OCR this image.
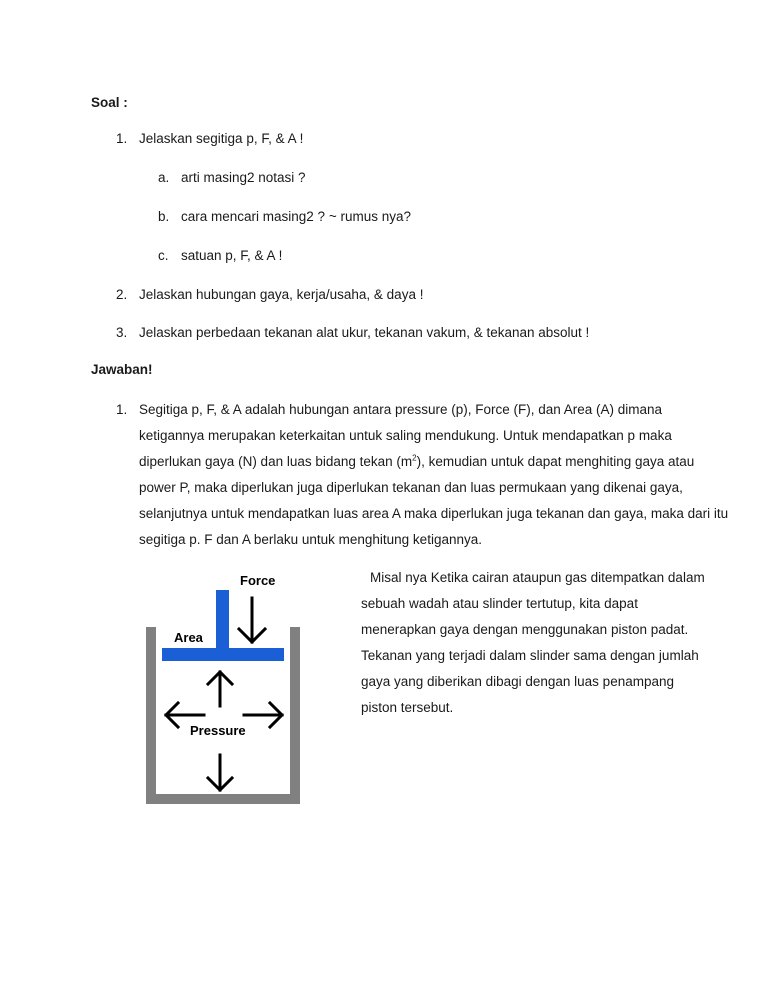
Soal :
1. Jelaskan segitiga p, F, & A !
a. arti masing2 notasi ?
b. cara mencari masing2 ? ~ rumus nya?
c. satuan p, F, & A !
2. Jelaskan hubungan gaya, kerja/usaha, & daya !
3. Jelaskan perbedaan tekanan alat ukur, tekanan vakum, & tekanan absolut !
Jawaban!
1. Segitiga p, F, & A adalah hubungan antara pressure (p), Force (F), dan Area (A) dimana
ketigannya merupakan keterkaitan untuk saling mendukung. Untuk mendapatkan p maka
diperlukan gaya (N) dan luas bidang tekan $(m^2)$, kemudian untuk dapat menghiting gaya atau
power P, maka diperlukan juga diperlukan tekanan dan luas permukaan yang dikenai gaya,
selanjutnya untuk mendapatkan luas area A maka diperlukan juga tekanan dan gaya, maka dari itu
segitiga p. F dan A berlaku untuk menghitung ketigannya.
Misal nya Ketika cairan ataupun gas ditempatkan dalam
sebuah wadah atau slinder tertutup, kita dapat
menerapkan gaya dengan menggunakan piston padat.
Tekanan yang terjadi dalam slinder sama dengan jumlah
gaya yang diberikan dibagi dengan luas penampang
piston tersebut.
Force
Area
Pressure
